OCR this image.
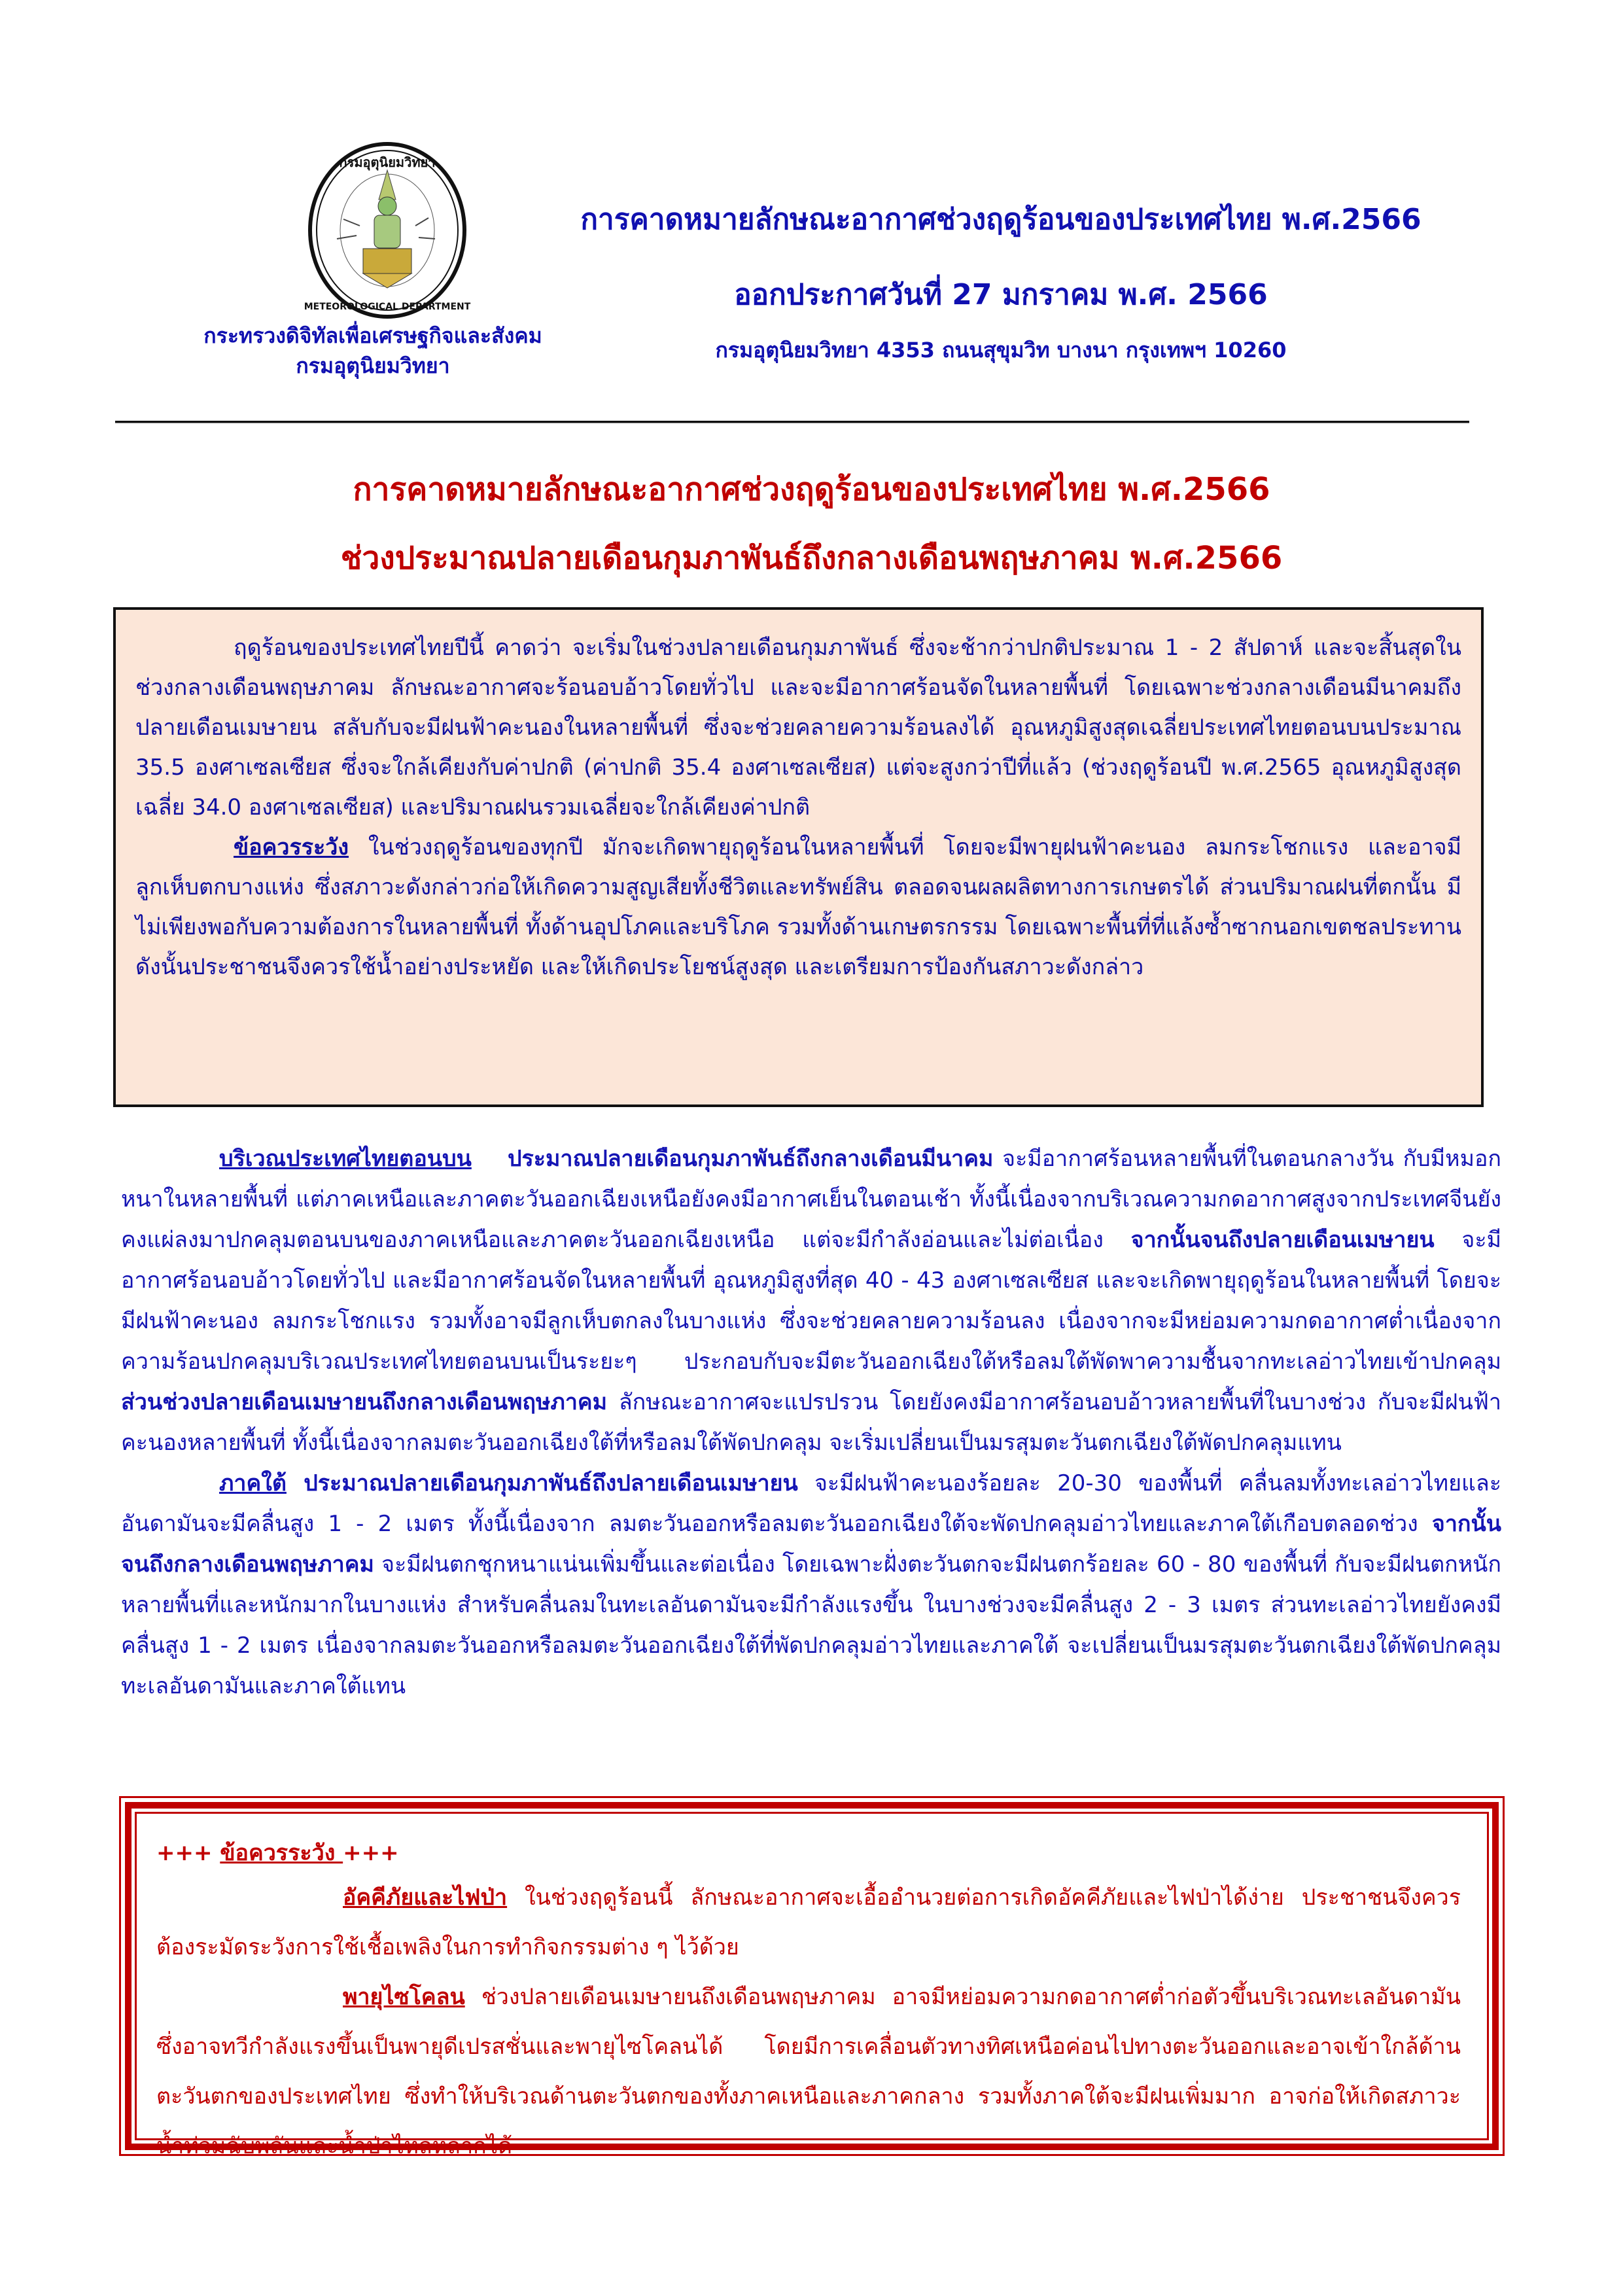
กรมอุตุนิยมวิทยา
METEOROLOGICAL DEPARTMENT
กระทรวงดิจิทัลเพื่อเศรษฐกิจและสังคม
กรมอุตุนิยมวิทยา
การคาดหมายลักษณะอากาศช่วงฤดูร้อนของประเทศไทย พ.ศ.2566
ออกประกาศวันที่ 27 มกราคม พ.ศ. 2566
กรมอุตุนิยมวิทยา 4353 ถนนสุขุมวิท บางนา กรุงเทพฯ 10260
การคาดหมายลักษณะอากาศช่วงฤดูร้อนของประเทศไทย พ.ศ.2566
ช่วงประมาณปลายเดือนกุมภาพันธ์ถึงกลางเดือนพฤษภาคม พ.ศ.2566

ฤดูร้อนของประเทศไทยปีนี้ คาดว่า จะเริ่มในช่วงปลายเดือนกุมภาพันธ์ ซึ่งจะช้ากว่าปกติประมาณ 1 - 2 สัปดาห์ และจะสิ้นสุดในช่วงกลางเดือนพฤษภาคม ลักษณะอากาศจะร้อนอบอ้าวโดยทั่วไป และจะมีอากาศร้อนจัดในหลายพื้นที่ โดยเฉพาะช่วงกลางเดือนมีนาคมถึงปลายเดือนเมษายน สลับกับจะมีฝนฟ้าคะนองในหลายพื้นที่ ซึ่งจะช่วยคลายความร้อนลงได้ อุณหภูมิสูงสุดเฉลี่ยประเทศไทยตอนบนประมาณ 35.5 องศาเซลเซียส ซึ่งจะใกล้เคียงกับค่าปกติ (ค่าปกติ 35.4 องศาเซลเซียส) แต่จะสูงกว่าปีที่แล้ว (ช่วงฤดูร้อนปี พ.ศ.2565 อุณหภูมิสูงสุดเฉลี่ย 34.0 องศาเซลเซียส) และปริมาณฝนรวมเฉลี่ยจะใกล้เคียงค่าปกติ

ข้อควรระวัง ในช่วงฤดูร้อนของทุกปี มักจะเกิดพายุฤดูร้อนในหลายพื้นที่ โดยจะมีพายุฝนฟ้าคะนอง ลมกระโชกแรง และอาจมีลูกเห็บตกบางแห่ง ซึ่งสภาวะดังกล่าวก่อให้เกิดความสูญเสียทั้งชีวิตและทรัพย์สิน ตลอดจนผลผลิตทางการเกษตรได้ ส่วนปริมาณฝนที่ตกนั้น มีไม่เพียงพอกับความต้องการในหลายพื้นที่ ทั้งด้านอุปโภคและบริโภค รวมทั้งด้านเกษตรกรรม โดยเฉพาะพื้นที่ที่แล้งซ้ำซากนอกเขตชลประทาน ดังนั้นประชาชนจึงควรใช้น้ำอย่างประหยัด และให้เกิดประโยชน์สูงสุด และเตรียมการป้องกันสภาวะดังกล่าว

บริเวณประเทศไทยตอนบน ประมาณปลายเดือนกุมภาพันธ์ถึงกลางเดือนมีนาคม จะมีอากาศร้อนหลายพื้นที่ในตอนกลางวัน กับมีหมอกหนาในหลายพื้นที่ แต่ภาคเหนือและภาคตะวันออกเฉียงเหนือยังคงมีอากาศเย็นในตอนเช้า ทั้งนี้เนื่องจากบริเวณความกดอากาศสูงจากประเทศจีนยังคงแผ่ลงมาปกคลุมตอนบนของภาคเหนือและภาคตะวันออกเฉียงเหนือ แต่จะมีกำลังอ่อนและไม่ต่อเนื่อง จากนั้นจนถึงปลายเดือนเมษายน จะมีอากาศร้อนอบอ้าวโดยทั่วไป และมีอากาศร้อนจัดในหลายพื้นที่ อุณหภูมิสูงที่สุด 40 - 43 องศาเซลเซียส และจะเกิดพายุฤดูร้อนในหลายพื้นที่ โดยจะมีฝนฟ้าคะนอง ลมกระโชกแรง รวมทั้งอาจมีลูกเห็บตกลงในบางแห่ง ซึ่งจะช่วยคลายความร้อนลง เนื่องจากจะมีหย่อมความกดอากาศต่ำเนื่องจากความร้อนปกคลุมบริเวณประเทศไทยตอนบนเป็นระยะๆ ประกอบกับจะมีตะวันออกเฉียงใต้หรือลมใต้พัดพาความชื้นจากทะเลอ่าวไทยเข้าปกคลุม ส่วนช่วงปลายเดือนเมษายนถึงกลางเดือนพฤษภาคม ลักษณะอากาศจะแปรปรวน โดยยังคงมีอากาศร้อนอบอ้าวหลายพื้นที่ในบางช่วง กับจะมีฝนฟ้าคะนองหลายพื้นที่ ทั้งนี้เนื่องจากลมตะวันออกเฉียงใต้ที่หรือลมใต้พัดปกคลุม จะเริ่มเปลี่ยนเป็นมรสุมตะวันตกเฉียงใต้พัดปกคลุมแทน

ภาคใต้ ประมาณปลายเดือนกุมภาพันธ์ถึงปลายเดือนเมษายน จะมีฝนฟ้าคะนองร้อยละ 20-30 ของพื้นที่ คลื่นลมทั้งทะเลอ่าวไทยและอันดามันจะมีคลื่นสูง 1 - 2 เมตร ทั้งนี้เนื่องจาก ลมตะวันออกหรือลมตะวันออกเฉียงใต้จะพัดปกคลุมอ่าวไทยและภาคใต้เกือบตลอดช่วง จากนั้นจนถึงกลางเดือนพฤษภาคม จะมีฝนตกชุกหนาแน่นเพิ่มขึ้นและต่อเนื่อง โดยเฉพาะฝั่งตะวันตกจะมีฝนตกร้อยละ 60 - 80 ของพื้นที่ กับจะมีฝนตกหนักหลายพื้นที่และหนักมากในบางแห่ง สำหรับคลื่นลมในทะเลอันดามันจะมีกำลังแรงขึ้น ในบางช่วงจะมีคลื่นสูง 2 - 3 เมตร ส่วนทะเลอ่าวไทยยังคงมีคลื่นสูง 1 - 2 เมตร เนื่องจากลมตะวันออกหรือลมตะวันออกเฉียงใต้ที่พัดปกคลุมอ่าวไทยและภาคใต้ จะเปลี่ยนเป็นมรสุมตะวันตกเฉียงใต้พัดปกคลุมทะเลอันดามันและภาคใต้แทน

+++ ข้อควรระวัง +++

อัคคีภัยและไฟป่า ในช่วงฤดูร้อนนี้ ลักษณะอากาศจะเอื้ออำนวยต่อการเกิดอัคคีภัยและไฟป่าได้ง่าย ประชาชนจึงควรต้องระมัดระวังการใช้เชื้อเพลิงในการทำกิจกรรมต่าง ๆ ไว้ด้วย

พายุไซโคลน ช่วงปลายเดือนเมษายนถึงเดือนพฤษภาคม อาจมีหย่อมความกดอากาศต่ำก่อตัวขึ้นบริเวณทะเลอันดามัน ซึ่งอาจทวีกำลังแรงขึ้นเป็นพายุดีเปรสชั่นและพายุไซโคลนได้ โดยมีการเคลื่อนตัวทางทิศเหนือค่อนไปทางตะวันออกและอาจเข้าใกล้ด้านตะวันตกของประเทศไทย ซึ่งทำให้บริเวณด้านตะวันตกของทั้งภาคเหนือและภาคกลาง รวมทั้งภาคใต้จะมีฝนเพิ่มมาก อาจก่อให้เกิดสภาวะน้ำท่วมฉับพลันและน้ำป่าไหลหลากได้
